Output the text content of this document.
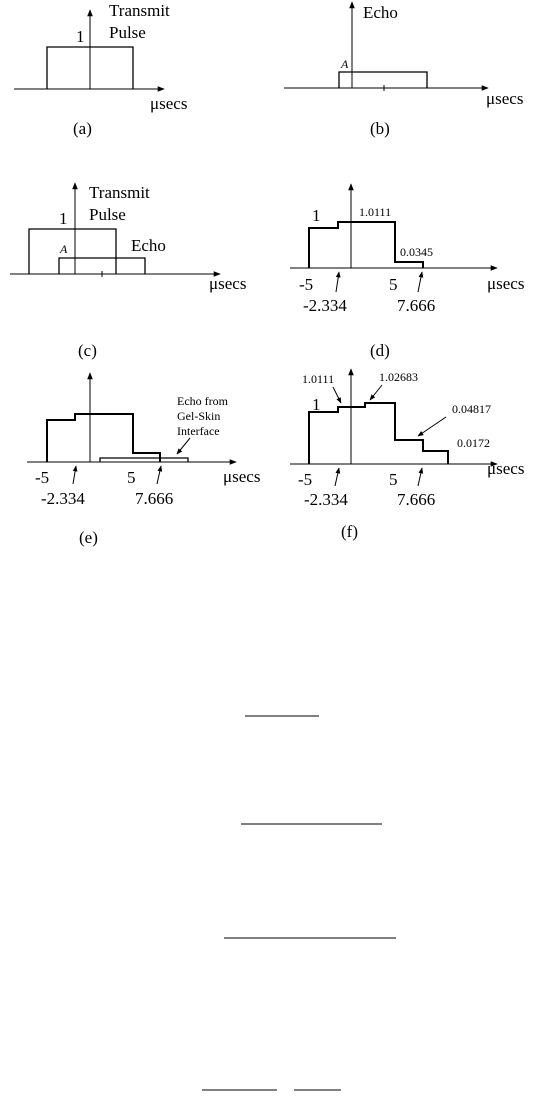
1
Transmit
Pulse
μsecs
(a)
Echo
A
μsecs
(b)
1
Transmit
Pulse
A	Echo
μsecs
(c)
1	1.0111
0.0345
-5
-2.334
5
7.666
μsecs
(d)
Echo from
Gel-Skin
Interface
-5
-2.334
5
7.666
μsecs
(e)
1
1.0111	1.02683
0.04817
0.0172
-5
-2.334
5
7.666
μsecs
(f)
